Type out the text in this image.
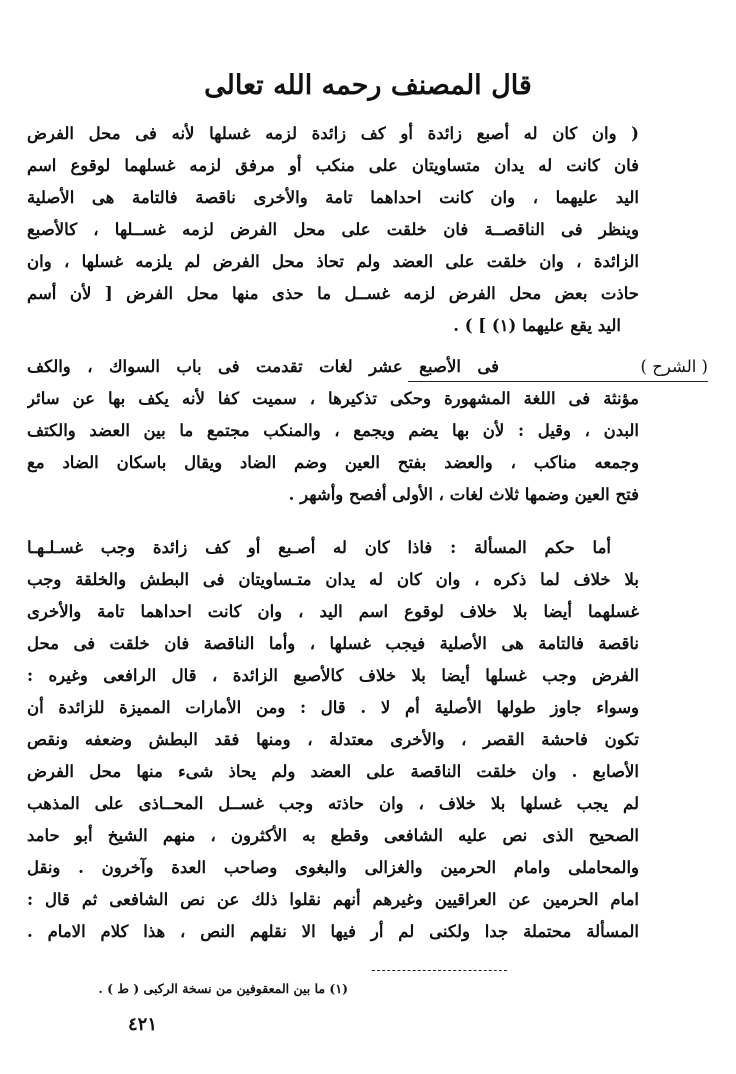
قال المصنف رحمه الله تعالى
( وان كان له أصبع زائدة أو كف زائدة لزمه غسلها لأنه فى محل الفرض
فان كانت له يدان متساويتان على منكب أو مرفق لزمه غسلهما لوقوع اسم
اليد عليهما ، وان كانت احداهما تامة والأخرى ناقصة فالتامة هى الأصلية
وينظر فى الناقصــة فان خلقت على محل الفرض لزمه غســلها ، كالأصبع
الزائدة ، وان خلقت على العضد ولم تحاذ محل الفرض لم يلزمه غسلها ، وان
حاذت بعض محل الفرض لزمه غســل ما حذى منها محل الفرض [ لأن أسم
اليد يقع عليهما (١) ] ) .
( الشرح )
فى الأصبع عشر لغات تقدمت فى باب السواك ، والكف
مؤنثة فى اللغة المشهورة وحكى تذكيرها ، سميت كفا لأنه يكف بها عن سائر
البدن ، وقيل : لأن بها يضم ويجمع ، والمنكب مجتمع ما بين العضد والكتف
وجمعه مناكب ، والعضد بفتح العين وضم الضاد ويقال باسكان الضاد مع
فتح العين وضمها ثلاث لغات ، الأولى أفصح وأشهر .
أما حكم المسألة : فاذا كان له أصـبع أو كف زائدة وجب غسـلـهـا
بلا خلاف لما ذكره ، وان كان له يدان متـساويتان فى البطش والخلقة وجب
غسلهما أيضا بلا خلاف لوقوع اسم اليد ، وان كانت احداهما تامة والأخرى
ناقصة فالتامة هى الأصلية فيجب غسلها ، وأما الناقصة فان خلقت فى محل
الفرض وجب غسلها أيضا بلا خلاف كالأصبع الزائدة ، قال الرافعى وغيره :
وسواء جاوز طولها الأصلية أم لا . قال : ومن الأمارات المميزة للزائدة أن
تكون فاحشة القصر ، والأخرى معتدلة ، ومنها فقد البطش وضعفه ونقص
الأصابع . وان خلقت الناقصة على العضد ولم يحاذ شىء منها محل الفرض
لم يجب غسلها بلا خلاف ، وان حاذته وجب غســل المحــاذى على المذهب
الصحيح الذى نص عليه الشافعى وقطع به الأكثرون ، منهم الشيخ أبو حامد
والمحاملى وامام الحرمين والغزالى والبغوى وصاحب العدة وآخرون . ونقل
امام الحرمين عن العراقيين وغيرهم أنهم نقلوا ذلك عن نص الشافعى ثم قال :
المسألة محتملة جدا ولكنى لم أر فيها الا نقلهم النص ، هذا كلام الامام .
(١) ما بين المعقوفين من نسخة الركبى ( ط ) .
٤٢١
